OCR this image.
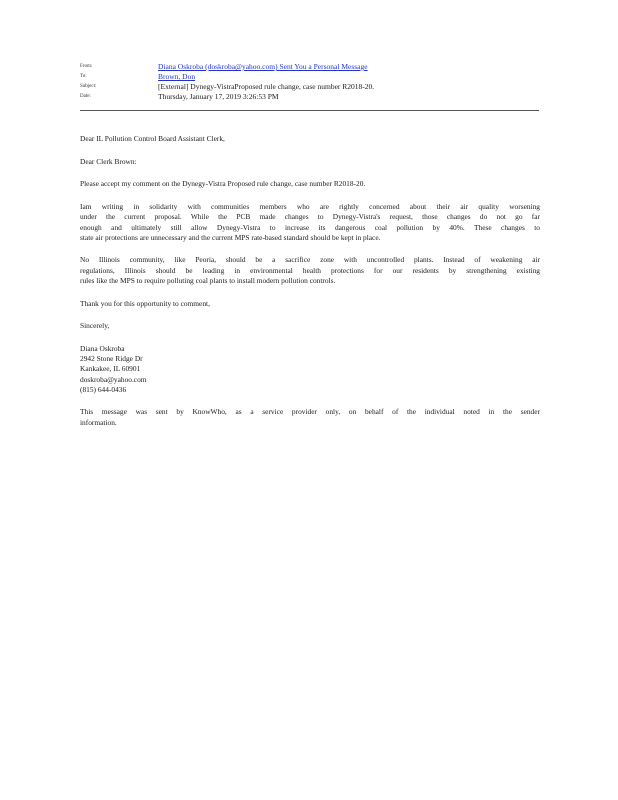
From:	Diana Oskroba (doskroba@yahoo.com) Sent You a Personal Message
To:	Brown, Don
Subject:	[External] Dynegy-VistraProposed rule change, case number R2018-20.
Date:	Thursday, January 17, 2019 3:26:53 PM

Dear IL Pollution Control Board Assistant Clerk,

Dear Clerk Brown:

Please accept my comment on the Dynegy-Vistra Proposed rule change, case number R2018-20.

Iam writing in solidarity with communities members who are rightly concerned about their air quality worsening

under the current proposal. While the PCB made changes to Dynegy-Vistra's request, those changes do not go far

enough and ultimately still allow Dynegy-Vistra to increase its dangerous coal pollution by 40%. These changes to

state air protections are unnecessary and the current MPS rate-based standard should be kept in place.

No Illinois community, like Peoria, should be a sacrifice zone with uncontrolled plants. Instead of weakening air

regulations, Illinois should be leading in environmental health protections for our residents by strengthening existing

rules like the MPS to require polluting coal plants to install modern pollution controls.

Thank you for this opportunity to comment,

Sincerely,

Diana Oskroba

2942 Stone Ridge Dr

Kankakee, IL 60901

doskroba@yahoo.com

(815) 644-0436

This message was sent by KnowWho, as a service provider only, on behalf of the individual noted in the sender

information.
